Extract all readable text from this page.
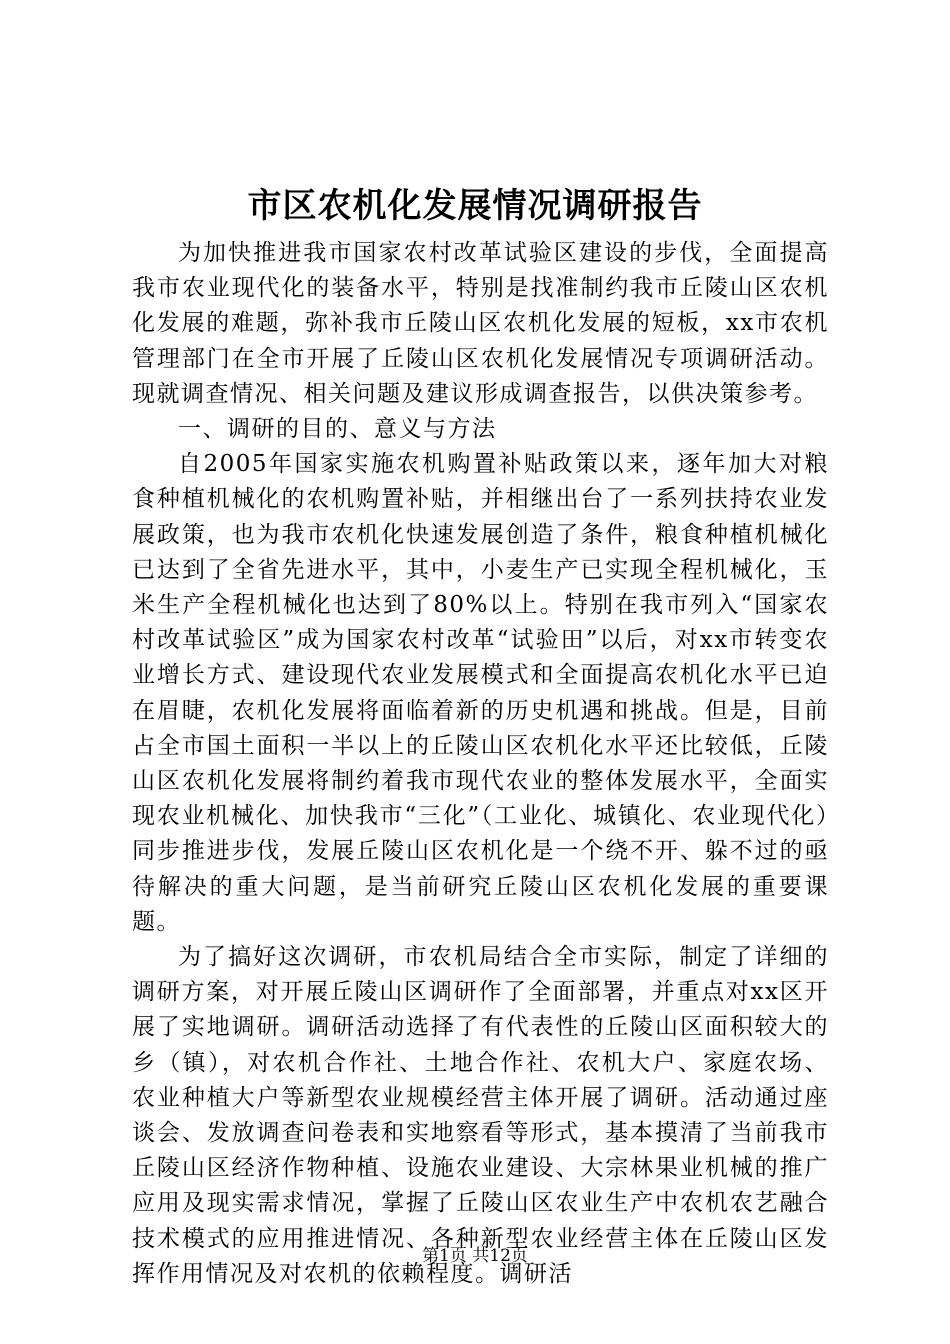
市区农机化发展情况调研报告

为加快推进我市国家农村改革试验区建设的步伐，全面提高我市农业现代化的装备水平，特别是找准制约我市丘陵山区农机化发展的难题，弥补我市丘陵山区农机化发展的短板，xx市农机管理部门在全市开展了丘陵山区农机化发展情况专项调研活动。现就调查情况、相关问题及建议形成调查报告，以供决策参考。

一、调研的目的、意义与方法

自2005年国家实施农机购置补贴政策以来，逐年加大对粮食种植机械化的农机购置补贴，并相继出台了一系列扶持农业发展政策，也为我市农机化快速发展创造了条件，粮食种植机械化已达到了全省先进水平，其中，小麦生产已实现全程机械化，玉米生产全程机械化也达到了80%以上。特别在我市列入“国家农村改革试验区”成为国家农村改革“试验田”以后，对xx市转变农业增长方式、建设现代农业发展模式和全面提高农机化水平已迫在眉睫，农机化发展将面临着新的历史机遇和挑战。但是，目前占全市国土面积一半以上的丘陵山区农机化水平还比较低，丘陵山区农机化发展将制约着我市现代农业的整体发展水平，全面实现农业机械化、加快我市“三化”（工业化、城镇化、农业现代化）同步推进步伐，发展丘陵山区农机化是一个绕不开、躲不过的亟待解决的重大问题，是当前研究丘陵山区农机化发展的重要课题。

为了搞好这次调研，市农机局结合全市实际，制定了详细的调研方案，对开展丘陵山区调研作了全面部署，并重点对xx区开展了实地调研。调研活动选择了有代表性的丘陵山区面积较大的乡（镇），对农机合作社、土地合作社、农机大户、家庭农场、农业种植大户等新型农业规模经营主体开展了调研。活动通过座谈会、发放调查问卷表和实地察看等形式，基本摸清了当前我市丘陵山区经济作物种植、设施农业建设、大宗林果业机械的推广应用及现实需求情况，掌握了丘陵山区农业生产中农机农艺融合技术模式的应用推进情况、各种新型农业经营主体在丘陵山区发挥作用情况及对农机的依赖程度。调研活

第1页 共12页
